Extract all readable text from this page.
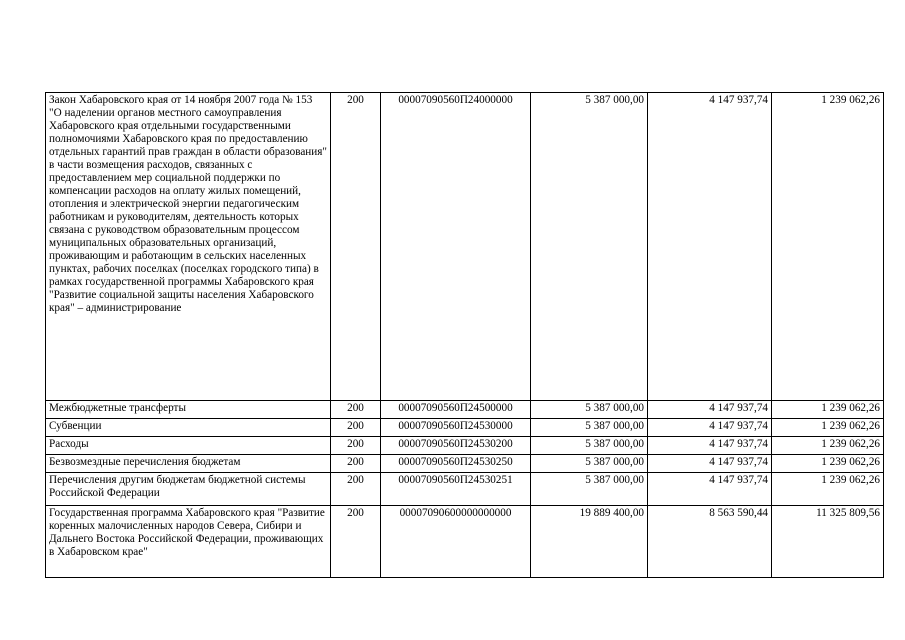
Закон Хабаровского края от 14 ноября 2007 года № 153 "О наделении органов местного самоуправления Хабаровского края отдельными государственными полномочиями Хабаровского края по предоставлению отдельных гарантий прав граждан в области образования" в части возмещения расходов, связанных с предоставлением мер социальной поддержки по компенсации расходов на оплату жилых помещений, отопления и электрической энергии педагогическим работникам и руководителям, деятельность которых связана с руководством образовательным процессом муниципальных образовательных организаций, проживающим и работающим в сельских населенных пунктах, рабочих поселках (поселках городского типа) в рамках государственной программы Хабаровского края "Развитие социальной защиты населения Хабаровского края" – администрирование	200	00007090560П24000000	5 387 000,00	4 147 937,74	1 239 062,26
Межбюджетные трансферты	200	00007090560П24500000	5 387 000,00	4 147 937,74	1 239 062,26
Субвенции	200	00007090560П24530000	5 387 000,00	4 147 937,74	1 239 062,26
Расходы	200	00007090560П24530200	5 387 000,00	4 147 937,74	1 239 062,26
Безвозмездные перечисления бюджетам	200	00007090560П24530250	5 387 000,00	4 147 937,74	1 239 062,26
Перечисления другим бюджетам бюджетной системы Российской Федерации	200	00007090560П24530251	5 387 000,00	4 147 937,74	1 239 062,26
Государственная программа Хабаровского края "Развитие коренных малочисленных народов Севера, Сибири и Дальнего Востока Российской Федерации, проживающих в Хабаровском крае"	200	00007090600000000000	19 889 400,00	8 563 590,44	11 325 809,56
